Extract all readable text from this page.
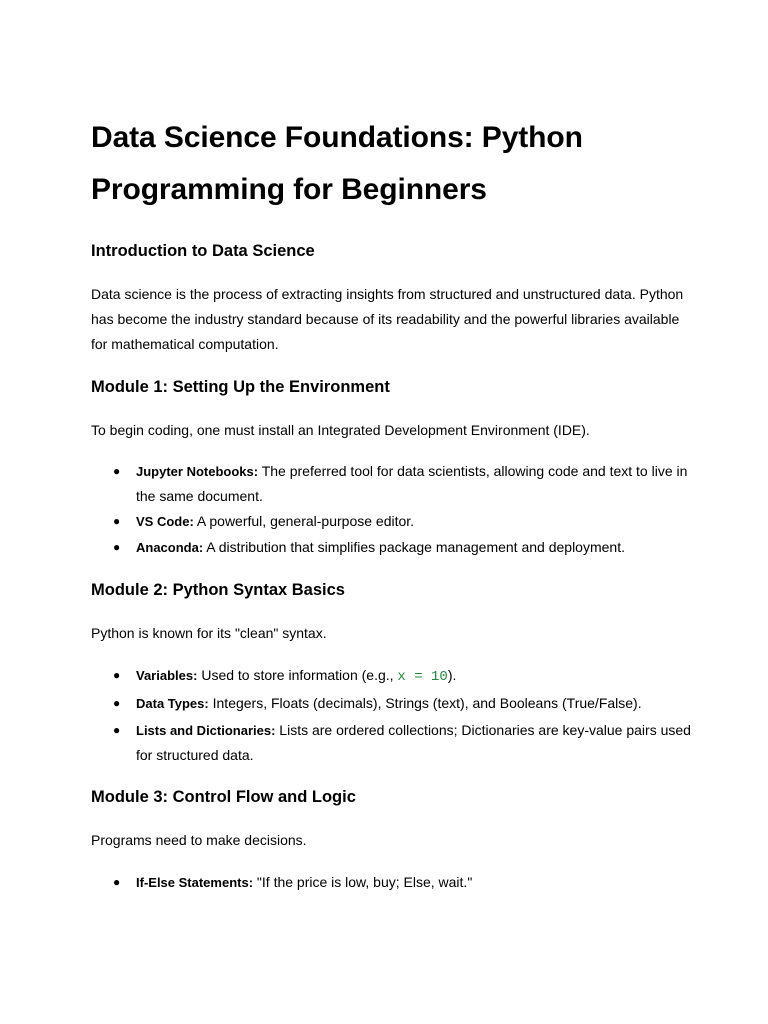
Data Science Foundations: Python Programming for Beginners
Introduction to Data Science

Data science is the process of extracting insights from structured and unstructured data. Python has become the industry standard because of its readability and the powerful libraries available for mathematical computation.

Module 1: Setting Up the Environment

To begin coding, one must install an Integrated Development Environment (IDE).

● Jupyter Notebooks: The preferred tool for data scientists, allowing code and text to live in the same document.
● VS Code: A powerful, general-purpose editor.
● Anaconda: A distribution that simplifies package management and deployment.
Module 2: Python Syntax Basics

Python is known for its "clean" syntax.

● Variables: Used to store information (e.g., x = 10).
● Data Types: Integers, Floats (decimals), Strings (text), and Booleans (True/False).
● Lists and Dictionaries: Lists are ordered collections; Dictionaries are key-value pairs used for structured data.
Module 3: Control Flow and Logic

Programs need to make decisions.

● If-Else Statements: "If the price is low, buy; Else, wait."
